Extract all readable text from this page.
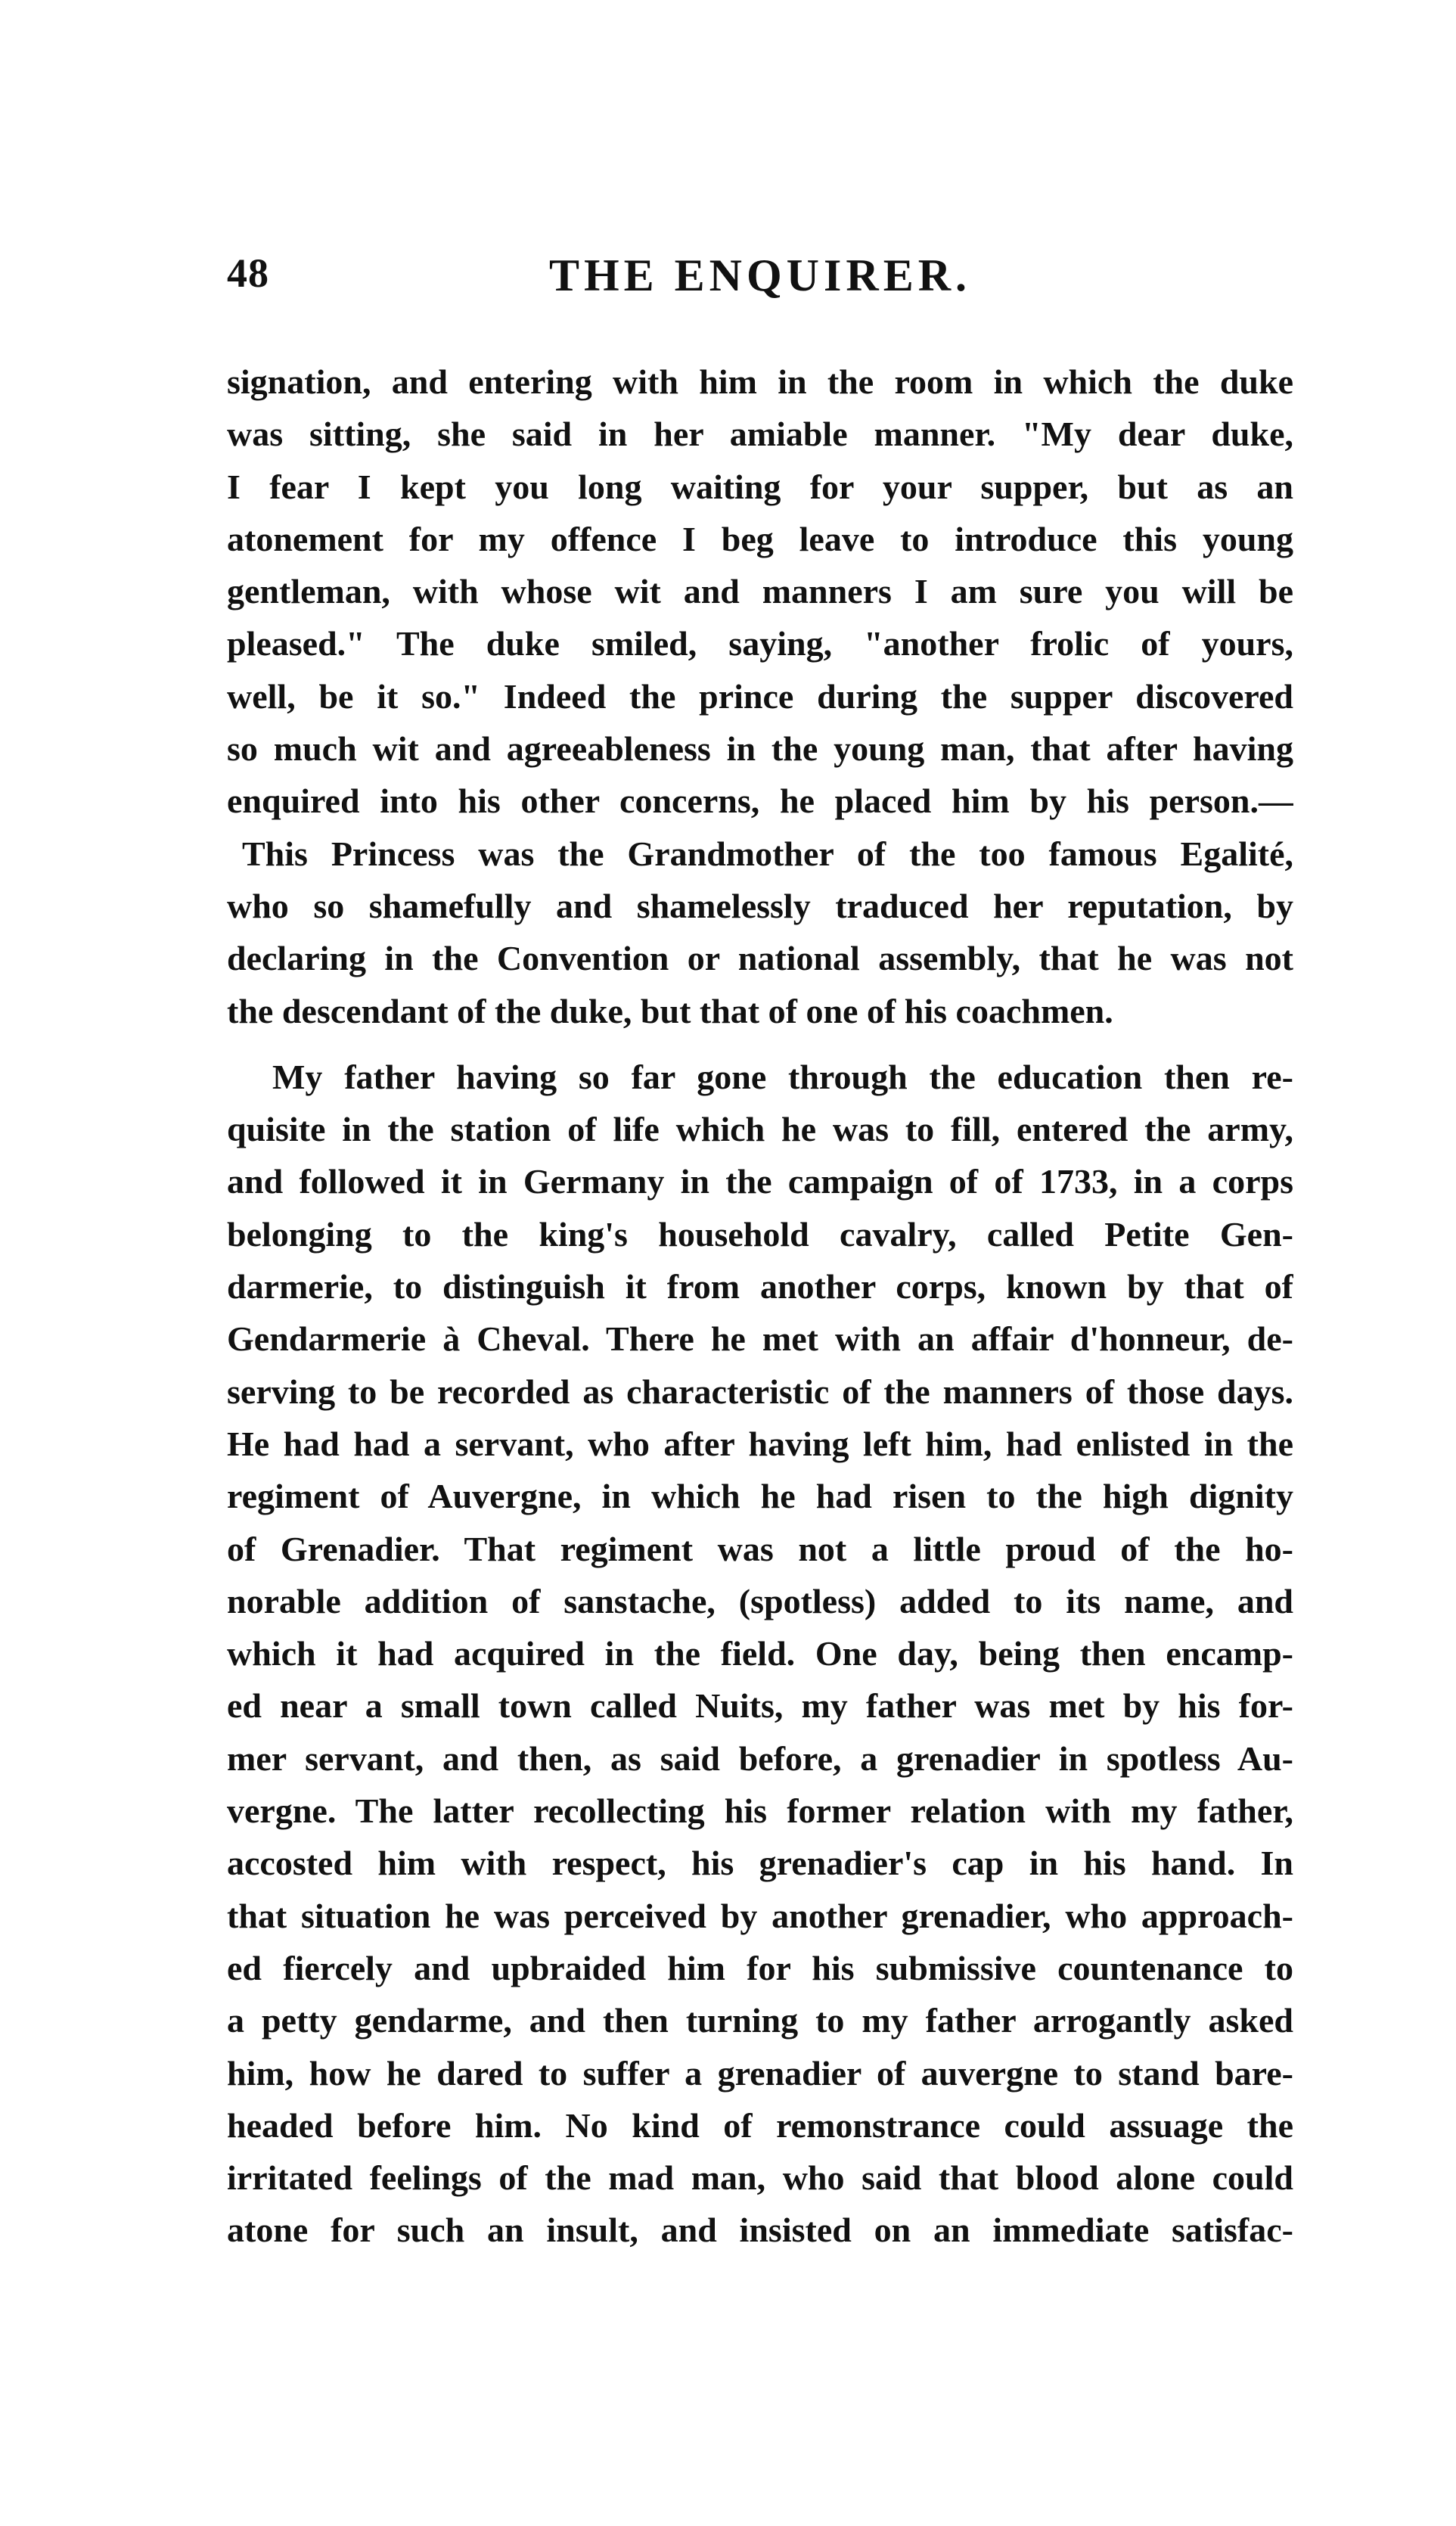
48	THE ENQUIRER.
signation, and entering with him in the room in which the duke
was sitting, she said in her amiable manner. "My dear duke,
I fear I kept you long waiting for your supper, but as an
atonement for my offence I beg leave to introduce this young
gentleman, with whose wit and manners I am sure you will be
pleased." The duke smiled, saying, "another frolic of yours,
well, be it so." Indeed the prince during the supper discovered
so much wit and agreeableness in the young man, that after having
enquired into his other concerns, he placed him by his person.—
This Princess was the Grandmother of the too famous Egalité,
who so shamefully and shamelessly traduced her reputation, by
declaring in the Convention or national assembly, that he was not
the descendant of the duke, but that of one of his coachmen.
My father having so far gone through the education then re-
quisite in the station of life which he was to fill, entered the army,
and followed it in Germany in the campaign of of 1733, in a corps
belonging to the king's household cavalry, called Petite Gen-
darmerie, to distinguish it from another corps, known by that of
Gendarmerie à Cheval. There he met with an affair d'honneur, de-
serving to be recorded as characteristic of the manners of those days.
He had had a servant, who after having left him, had enlisted in the
regiment of Auvergne, in which he had risen to the high dignity
of Grenadier. That regiment was not a little proud of the ho-
norable addition of sanstache, (spotless) added to its name, and
which it had acquired in the field. One day, being then encamp-
ed near a small town called Nuits, my father was met by his for-
mer servant, and then, as said before, a grenadier in spotless Au-
vergne. The latter recollecting his former relation with my father,
accosted him with respect, his grenadier's cap in his hand. In
that situation he was perceived by another grenadier, who approach-
ed fiercely and upbraided him for his submissive countenance to
a petty gendarme, and then turning to my father arrogantly asked
him, how he dared to suffer a grenadier of auvergne to stand bare-
headed before him. No kind of remonstrance could assuage the
irritated feelings of the mad man, who said that blood alone could
atone for such an insult, and insisted on an immediate satisfac-
